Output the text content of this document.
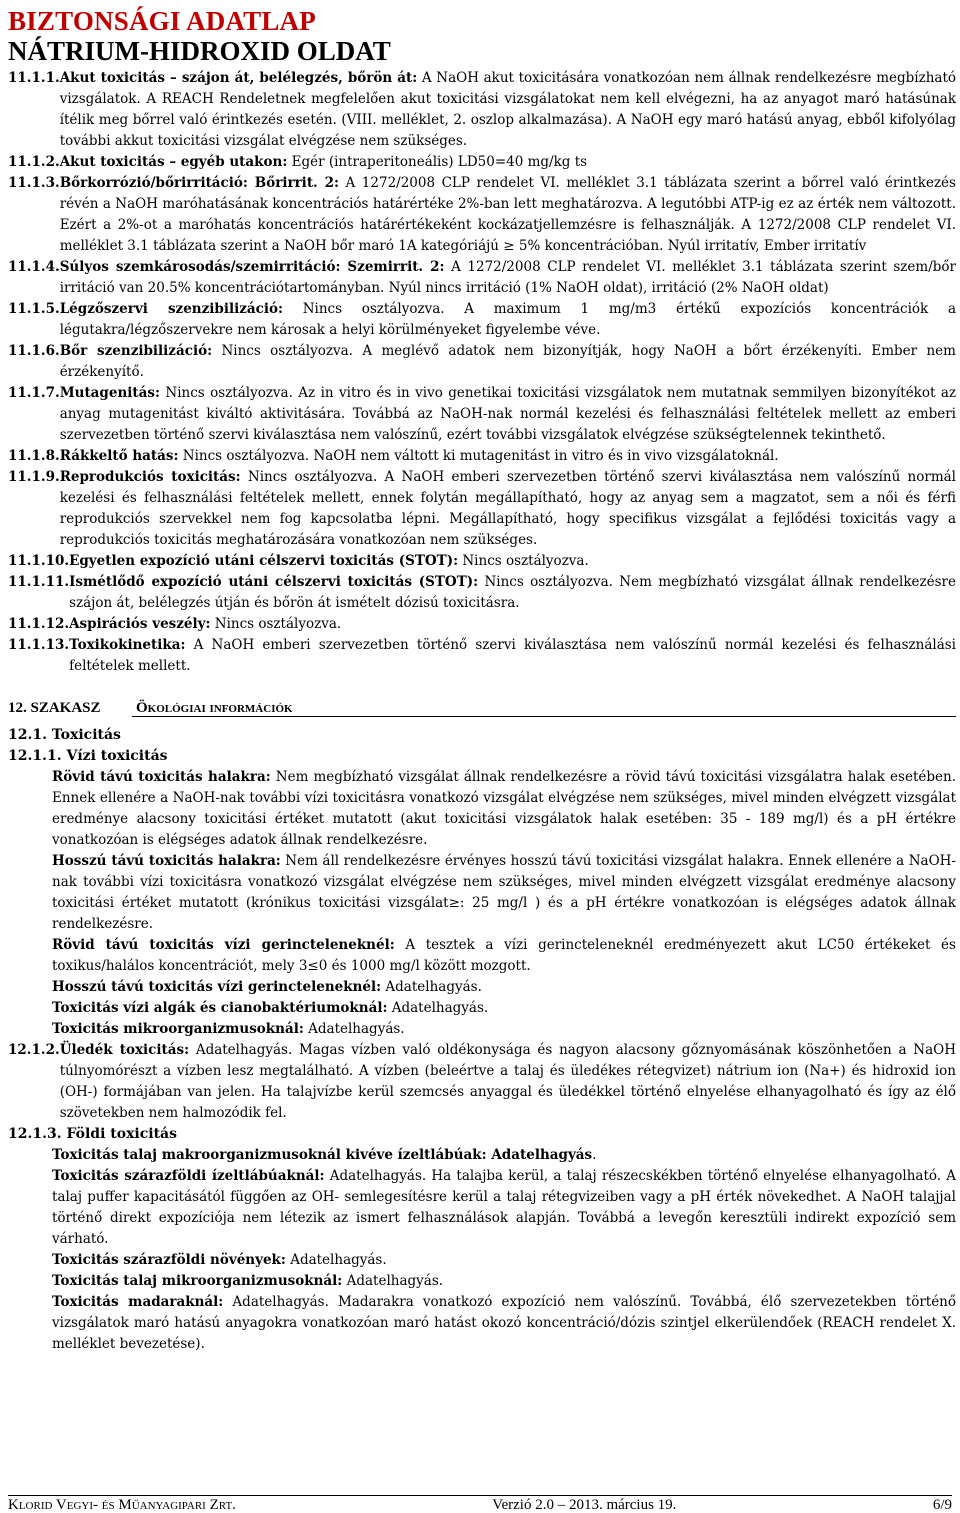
BIZTONSÁGI ADATLAP
NÁTRIUM-HIDROXID OLDAT
11.1.1. Akut toxicitás – szájon át, belélegzés, bőrön át: A NaOH akut toxicitására vonatkozóan nem állnak rendelkezésre megbízható vizsgálatok. A REACH Rendeletnek megfelelően akut toxicitási vizsgálatokat nem kell elvégezni, ha az anyagot maró hatásúnak ítélik meg bőrrel való érintkezés esetén. (VIII. melléklet, 2. oszlop alkalmazása). A NaOH egy maró hatású anyag, ebből kifolyólag további akkut toxicitási vizsgálat elvégzése nem szükséges.
11.1.2. Akut toxicitás – egyéb utakon: Egér (intraperitoneális) LD50=40 mg/kg ts
11.1.3. Bőrkorrózió/bőrirritáció: Bőrirrit. 2: A 1272/2008 CLP rendelet VI. melléklet 3.1 táblázata szerint a bőrrel való érintkezés révén a NaOH maróhatásának koncentrációs határértéke 2%-ban lett meghatározva. A legutóbbi ATP-ig ez az érték nem változott. Ezért a 2%-ot a maróhatás koncentrációs határértékeként kockázatjellemzésre is felhasználják. A 1272/2008 CLP rendelet VI. melléklet 3.1 táblázata szerint a NaOH bőr maró 1A kategóriájú ≥ 5% koncentrációban. Nyúl irritatív, Ember irritatív
11.1.4. Súlyos szemkárosodás/szemirritáció: Szemirrit. 2: A 1272/2008 CLP rendelet VI. melléklet 3.1 táblázata szerint szem/bőr irritáció van 20.5% koncentrációtartományban. Nyúl nincs irritáció (1% NaOH oldat), irritáció (2% NaOH oldat)
11.1.5. Légzőszervi szenzibilizáció: Nincs osztályozva. A maximum 1 mg/m3 értékű expozíciós koncentrációk a légutakra/légzőszervekre nem károsak a helyi körülményeket figyelembe véve.
11.1.6. Bőr szenzibilizáció: Nincs osztályozva. A meglévő adatok nem bizonyítják, hogy NaOH a bőrt érzékenyíti. Ember nem érzékenyítő.
11.1.7. Mutagenitás: Nincs osztályozva. Az in vitro és in vivo genetikai toxicitási vizsgálatok nem mutatnak semmilyen bizonyítékot az anyag mutagenitást kiváltó aktivitására. Továbbá az NaOH-nak normál kezelési és felhasználási feltételek mellett az emberi szervezetben történő szervi kiválasztása nem valószínű, ezért további vizsgálatok elvégzése szükségtelennek tekinthető.
11.1.8. Rákkeltő hatás: Nincs osztályozva. NaOH nem váltott ki mutagenitást in vitro és in vivo vizsgálatoknál.
11.1.9. Reprodukciós toxicitás: Nincs osztályozva. A NaOH emberi szervezetben történő szervi kiválasztása nem valószínű normál kezelési és felhasználási feltételek mellett, ennek folytán megállapítható, hogy az anyag sem a magzatot, sem a női és férfi reprodukciós szervekkel nem fog kapcsolatba lépni. Megállapítható, hogy specifikus vizsgálat a fejlődési toxicitás vagy a reprodukciós toxicitás meghatározására vonatkozóan nem szükséges.
11.1.10. Egyetlen expozíció utáni célszervi toxicitás (STOT): Nincs osztályozva.
11.1.11. Ismétlődő expozíció utáni célszervi toxicitás (STOT): Nincs osztályozva. Nem megbízható vizsgálat állnak rendelkezésre szájon át, belélegzés útján és bőrön át ismételt dózisú toxicitásra.
11.1.12. Aspirációs veszély: Nincs osztályozva.
11.1.13. Toxikokinetika: A NaOH emberi szervezetben történő szervi kiválasztása nem valószínű normál kezelési és felhasználási feltételek mellett.
12. SZAKASZ	Ökológiai információk
12.1. Toxicitás
12.1.1. Vízi toxicitás
Rövid távú toxicitás halakra: Nem megbízható vizsgálat állnak rendelkezésre a rövid távú toxicitási vizsgálatra halak esetében. Ennek ellenére a NaOH-nak további vízi toxicitásra vonatkozó vizsgálat elvégzése nem szükséges, mivel minden elvégzett vizsgálat eredménye alacsony toxicitási értéket mutatott (akut toxicitási vizsgálatok halak esetében: 35 - 189 mg/l) és a pH értékre vonatkozóan is elégséges adatok állnak rendelkezésre.
Hosszú távú toxicitás halakra: Nem áll rendelkezésre érvényes hosszú távú toxicitási vizsgálat halakra. Ennek ellenére a NaOH-nak további vízi toxicitásra vonatkozó vizsgálat elvégzése nem szükséges, mivel minden elvégzett vizsgálat eredménye alacsony toxicitási értéket mutatott (krónikus toxicitási vizsgálat≥: 25 mg/l ) és a pH értékre vonatkozóan is elégséges adatok állnak rendelkezésre.
Rövid távú toxicitás vízi gerincteleneknél: A tesztek a vízi gerincteleneknél eredményezett akut LC50 értékeket és toxikus/halálos koncentrációt, mely 3≤0 és 1000 mg/l között mozgott.
Hosszú távú toxicitás vízi gerincteleneknél: Adatelhagyás.
Toxicitás vízi algák és cianobaktériumoknál: Adatelhagyás.
Toxicitás mikroorganizmusoknál: Adatelhagyás.
12.1.2. Üledék toxicitás: Adatelhagyás. Magas vízben való oldékonysága és nagyon alacsony gőznyomásának köszönhetően a NaOH túlnyomórészt a vízben lesz megtalálható. A vízben (beleértve a talaj és üledékes rétegvizet) nátrium ion (Na+) és hidroxid ion (OH-) formájában van jelen. Ha talajvízbe kerül szemcsés anyaggal és üledékkel történő elnyelése elhanyagolható és így az élő szövetekben nem halmozódik fel.
12.1.3. Földi toxicitás
Toxicitás talaj makroorganizmusoknál kivéve ízeltlábúak: Adatelhagyás.
Toxicitás szárazföldi ízeltlábúaknál: Adatelhagyás. Ha talajba kerül, a talaj részecskékben történő elnyelése elhanyagolható. A talaj puffer kapacitásától függően az OH- semlegesítésre kerül a talaj rétegvizeiben vagy a pH érték növekedhet. A NaOH talajjal történő direkt expozíciója nem létezik az ismert felhasználások alapján. Továbbá a levegőn keresztüli indirekt expozíció sem várható.
Toxicitás szárazföldi növények: Adatelhagyás.
Toxicitás talaj mikroorganizmusoknál: Adatelhagyás.
Toxicitás madaraknál: Adatelhagyás. Madarakra vonatkozó expozíció nem valószínű. Továbbá, élő szervezetekben történő vizsgálatok maró hatású anyagokra vonatkozóan maró hatást okozó koncentráció/dózis szintjel elkerülendőek (REACH rendelet X. melléklet bevezetése).
Klorid Vegyi- és Műanyagipari Zrt.	Verzió 2.0 – 2013. március 19.	6/9
